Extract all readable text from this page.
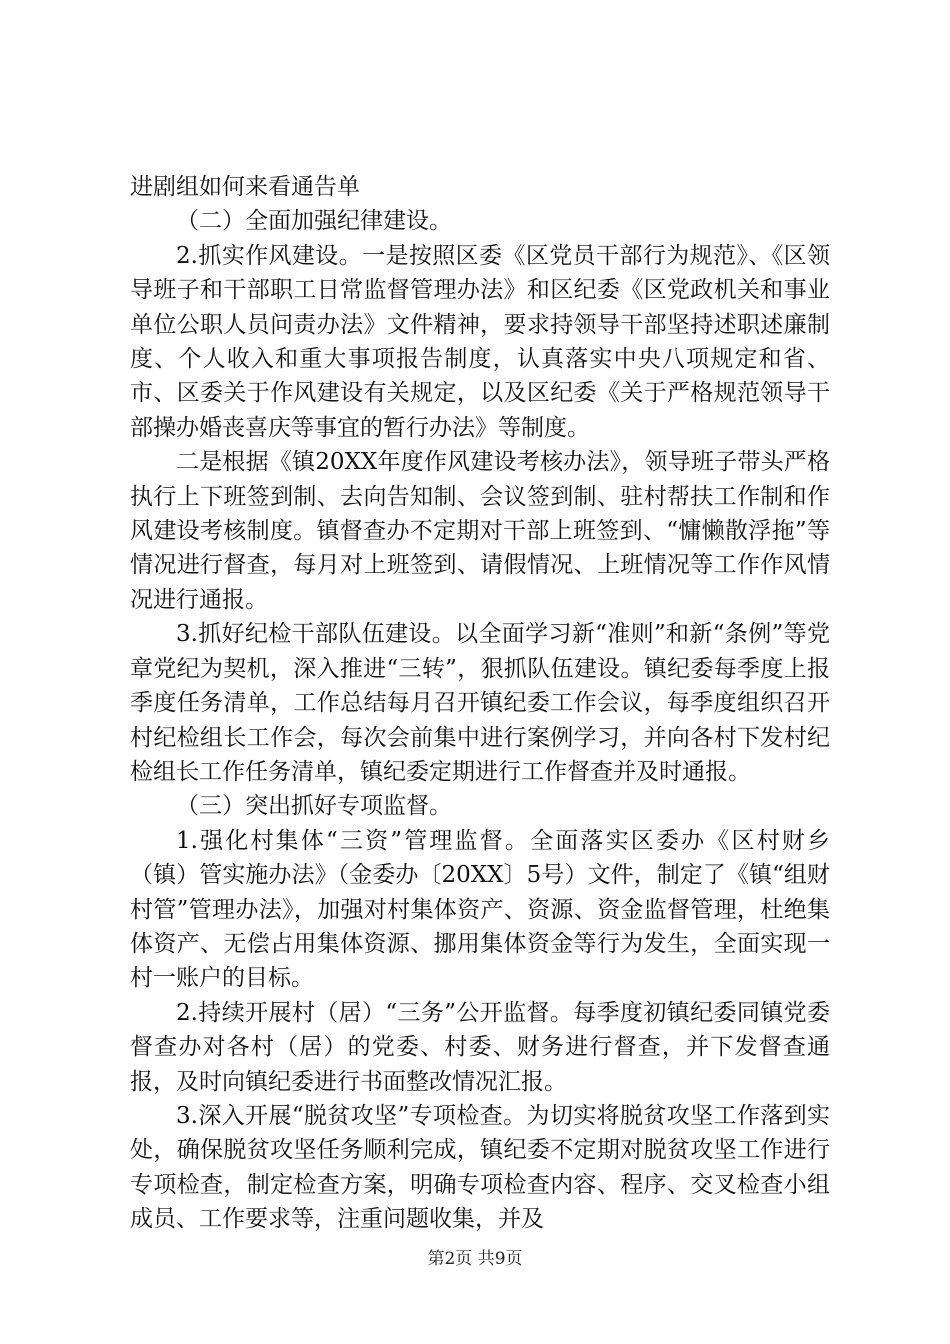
进剧组如何来看通告单

（二）全面加强纪律建设。

2.抓实作风建设。一是按照区委《区党员干部行为规范》、《区领导班子和干部职工日常监督管理办法》和区纪委《区党政机关和事业单位公职人员问责办法》文件精神，要求持领导干部坚持述职述廉制度、个人收入和重大事项报告制度，认真落实中央八项规定和省、市、区委关于作风建设有关规定，以及区纪委《关于严格规范领导干部操办婚丧喜庆等事宜的暂行办法》等制度。

二是根据《镇20XX年度作风建设考核办法》，领导班子带头严格执行上下班签到制、去向告知制、会议签到制、驻村帮扶工作制和作风建设考核制度。镇督查办不定期对干部上班签到、“慵懒散浮拖”等情况进行督查，每月对上班签到、请假情况、上班情况等工作作风情况进行通报。

3.抓好纪检干部队伍建设。以全面学习新“准则”和新“条例”等党章党纪为契机，深入推进“三转”，狠抓队伍建设。镇纪委每季度上报季度任务清单，工作总结每月召开镇纪委工作会议，每季度组织召开村纪检组长工作会，每次会前集中进行案例学习，并向各村下发村纪检组长工作任务清单，镇纪委定期进行工作督查并及时通报。

（三）突出抓好专项监督。

1.强化村集体“三资”管理监督。全面落实区委办《区村财乡（镇）管实施办法》（金委办〔20XX〕5号）文件，制定了《镇“组财村管”管理办法》，加强对村集体资产、资源、资金监督管理，杜绝集体资产、无偿占用集体资源、挪用集体资金等行为发生，全面实现一村一账户的目标。

2.持续开展村（居）“三务”公开监督。每季度初镇纪委同镇党委督查办对各村（居）的党委、村委、财务进行督查，并下发督查通报，及时向镇纪委进行书面整改情况汇报。

3.深入开展“脱贫攻坚”专项检查。为切实将脱贫攻坚工作落到实处，确保脱贫攻坚任务顺利完成，镇纪委不定期对脱贫攻坚工作进行专项检查，制定检查方案，明确专项检查内容、程序、交叉检查小组成员、工作要求等，注重问题收集，并及

第2页 共9页
